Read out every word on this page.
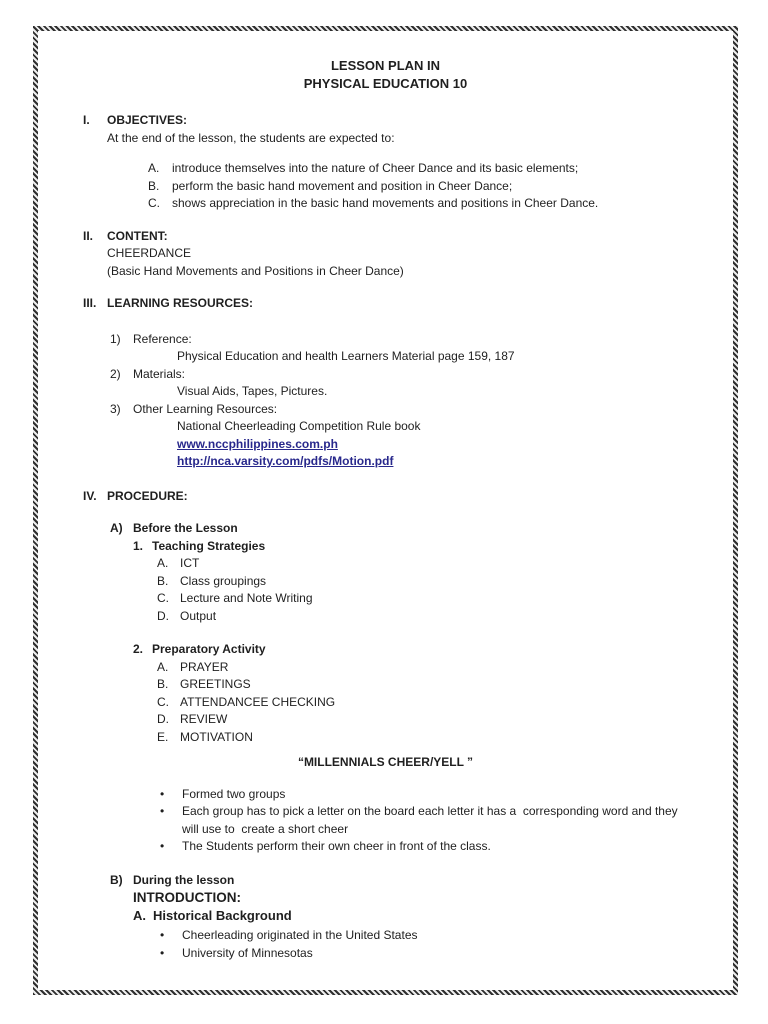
LESSON PLAN IN
PHYSICAL EDUCATION 10
I.	OBJECTIVES:
At the end of the lesson, the students are expected to:
A.	introduce themselves into the nature of Cheer Dance and its basic elements;
B.	perform the basic hand movement and position in Cheer Dance;
C.	shows appreciation in the basic hand movements and positions in Cheer Dance.
II.	CONTENT:
CHEERDANCE
(Basic Hand Movements and Positions in Cheer Dance)
III. LEARNING RESOURCES:
1)	Reference:
Physical Education and health Learners Material page 159, 187
2)	Materials:
Visual Aids, Tapes, Pictures.
3)	Other Learning Resources:
National Cheerleading Competition Rule book
www.nccphilippines.com.ph
http://nca.varsity.com/pdfs/Motion.pdf
IV. PROCEDURE:
A) Before the Lesson
1. Teaching Strategies
A. ICT
B. Class groupings
C. Lecture and Note Writing
D. Output
2. Preparatory Activity
A. PRAYER
B. GREETINGS
C. ATTENDANCEE CHECKING
D. REVIEW
E. MOTIVATION
“MILLENNIALS CHEER/YELL ”
•
Formed two groups
•
Each group has to pick a letter on the board each letter it has a  corresponding word and they will use to  create a short cheer
•
The Students perform their own cheer in front of the class.
B) During the lesson
INTRODUCTION:
A. Historical Background
•
Cheerleading originated in the United States
•
University of Minnesotas
